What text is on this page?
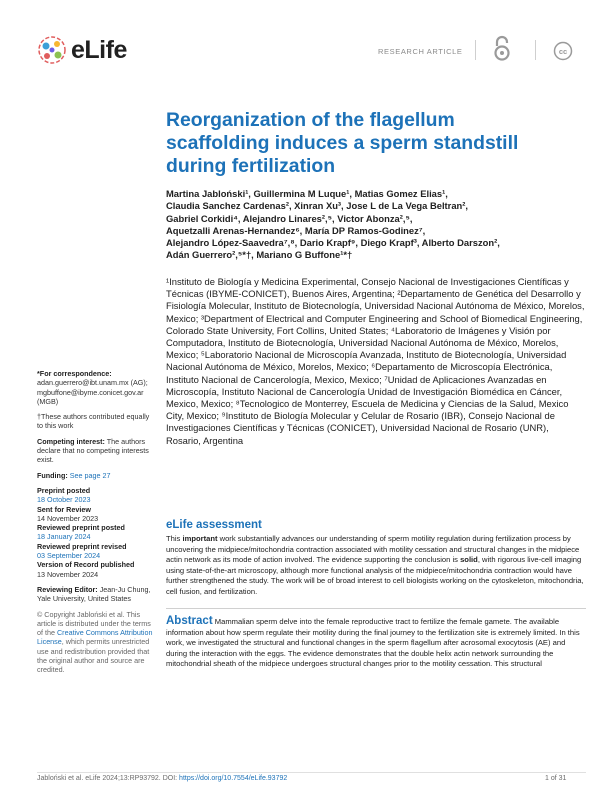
eLife	RESEARCH ARTICLE	cc
Reorganization of the flagellum scaffolding induces a sperm standstill during fertilization
Martina Jabloński¹, Guillermina M Luque¹, Matias Gomez Elias¹,
Claudia Sanchez Cardenas², Xinran Xu³, Jose L de La Vega Beltran²,
Gabriel Corkidi⁴, Alejandro Linares²,⁵, Victor Abonza²,⁵,
Aquetzalli Arenas-Hernandez⁶, María DP Ramos-Godinez⁷,
Alejandro López-Saavedra⁷,⁸, Dario Krapf⁹, Diego Krapf³, Alberto Darszon²,
Adán Guerrero²,⁵*†, Mariano G Buffone¹*†
¹Instituto de Biología y Medicina Experimental, Consejo Nacional de Investigaciones Científicas y Técnicas (IBYME-CONICET), Buenos Aires, Argentina; ²Departamento de Genética del Desarrollo y Fisiología Molecular, Instituto de Biotecnología, Universidad Nacional Autónoma de México, Morelos, Mexico; ³Department of Electrical and Computer Engineering and School of Biomedical Engineering, Colorado State University, Fort Collins, United States; ⁴Laboratorio de Imágenes y Visión por Computadora, Instituto de Biotecnología, Universidad Nacional Autónoma de México, Morelos, Mexico; ⁵Laboratorio Nacional de Microscopía Avanzada, Instituto de Biotecnología, Universidad Nacional Autónoma de México, Morelos, Mexico; ⁶Departamento de Microscopía Electrónica, Instituto Nacional de Cancerología, Mexico, Mexico; ⁷Unidad de Aplicaciones Avanzadas en Microscopía, Instituto Nacional de Cancerología Unidad de Investigación Biomédica en Cáncer, Mexico, Mexico; ⁸Tecnologico de Monterrey, Escuela de Medicina y Ciencias de la Salud, Mexico City, Mexico; ⁹Instituto de Biología Molecular y Celular de Rosario (IBR), Consejo Nacional de Investigaciones Científicas y Técnicas (CONICET), Universidad Nacional de Rosario (UNR), Rosario, Argentina

*For correspondence:

adan.guerrero@ibt.unam.mx (AG); mgbuffone@ibyme.conicet.gov.ar (MGB)

†These authors contributed equally to this work

Competing interest: The authors declare that no competing interests exist.

Funding: See page 27

Preprint posted

18 October 2023

Sent for Review

14 November 2023

Reviewed preprint posted

18 January 2024

Reviewed preprint revised

03 September 2024

Version of Record published

13 November 2024

Reviewing Editor: Jean-Ju Chung, Yale University, United States

© Copyright Jabloński et al. This article is distributed under the terms of the Creative Commons Attribution License, which permits unrestricted use and redistribution provided that the original author and source are credited.

eLife assessment
This important work substantially advances our understanding of sperm motility regulation during fertilization process by uncovering the midpiece/mitochondria contraction associated with motility cessation and structural changes in the midpiece actin network as its mode of action involved. The evidence supporting the conclusion is solid, with rigorous live-cell imaging using state-of-the-art microscopy, although more functional analysis of the midpiece/mitochondria contraction would have further strengthened the study. The work will be of broad interest to cell biologists working on the cytoskeleton, mitochondria, cell fusion, and fertilization.
Abstract Mammalian sperm delve into the female reproductive tract to fertilize the female gamete. The available information about how sperm regulate their motility during the final journey to the fertilization site is extremely limited. In this work, we investigated the structural and functional changes in the sperm flagellum after acrosomal exocytosis (AE) and during the interaction with the eggs. The evidence demonstrates that the double helix actin network surrounding the mitochondrial sheath of the midpiece undergoes structural changes prior to the motility cessation. This structural
Jabloński et al. eLife 2024;13:RP93792. DOI: https://doi.org/10.7554/eLife.93792	1 of 31
